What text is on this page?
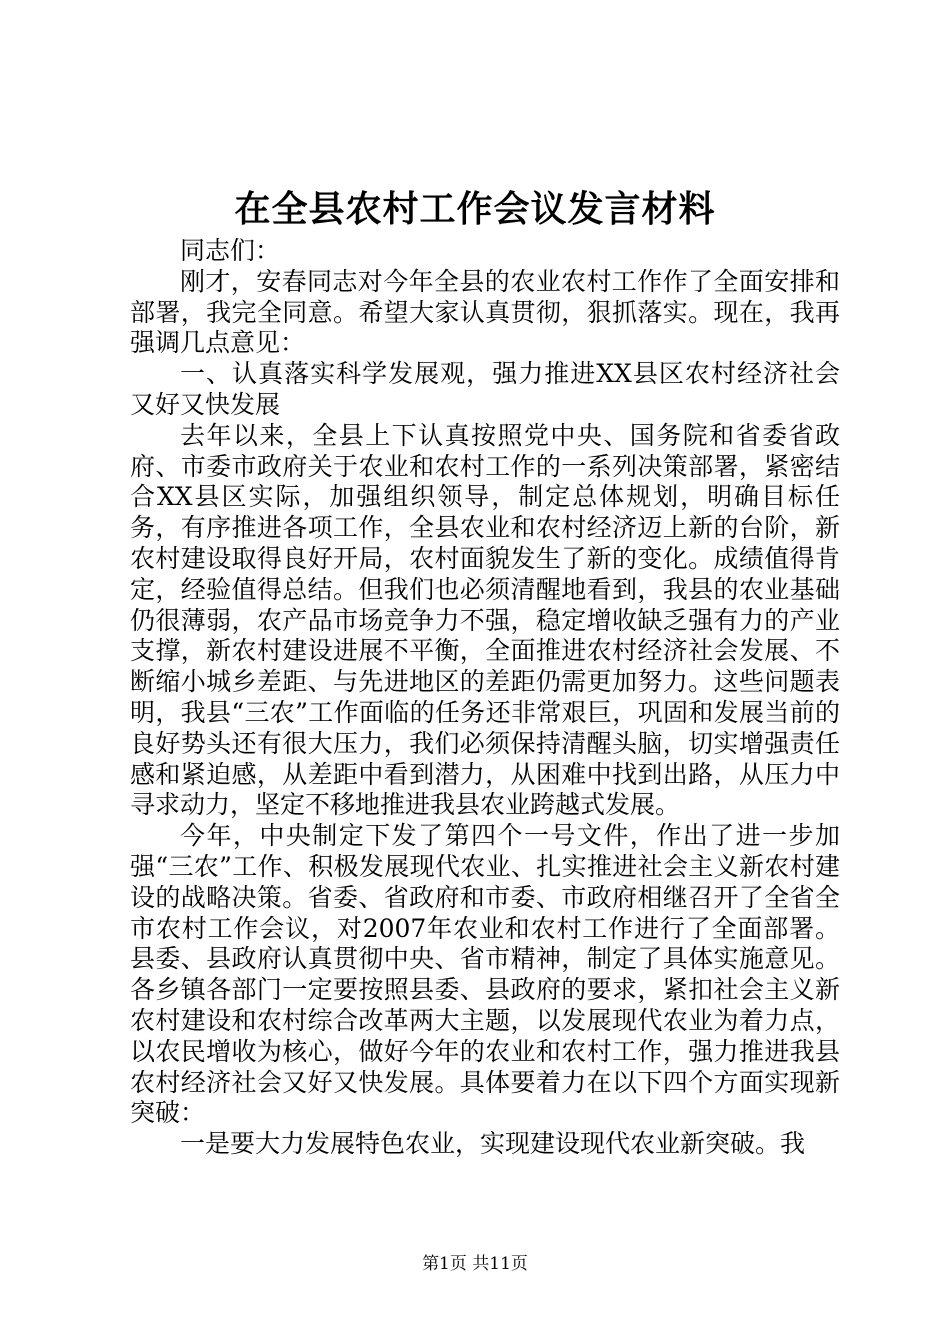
在全县农村工作会议发言材料

同志们：

刚才，安春同志对今年全县的农业农村工作作了全面安排和部署，我完全同意。希望大家认真贯彻，狠抓落实。现在，我再强调几点意见：

一、认真落实科学发展观，强力推进XX县区农村经济社会又好又快发展

去年以来，全县上下认真按照党中央、国务院和省委省政府、市委市政府关于农业和农村工作的一系列决策部署，紧密结合XX县区实际，加强组织领导，制定总体规划，明确目标任务，有序推进各项工作，全县农业和农村经济迈上新的台阶，新农村建设取得良好开局，农村面貌发生了新的变化。成绩值得肯定，经验值得总结。但我们也必须清醒地看到，我县的农业基础仍很薄弱，农产品市场竞争力不强，稳定增收缺乏强有力的产业支撑，新农村建设进展不平衡，全面推进农村经济社会发展、不断缩小城乡差距、与先进地区的差距仍需更加努力。这些问题表明，我县“三农”工作面临的任务还非常艰巨，巩固和发展当前的良好势头还有很大压力，我们必须保持清醒头脑，切实增强责任感和紧迫感，从差距中看到潜力，从困难中找到出路，从压力中寻求动力，坚定不移地推进我县农业跨越式发展。

今年，中央制定下发了第四个一号文件，作出了进一步加强“三农”工作、积极发展现代农业、扎实推进社会主义新农村建设的战略决策。省委、省政府和市委、市政府相继召开了全省全市农村工作会议，对2007年农业和农村工作进行了全面部署。县委、县政府认真贯彻中央、省市精神，制定了具体实施意见。各乡镇各部门一定要按照县委、县政府的要求，紧扣社会主义新农村建设和农村综合改革两大主题，以发展现代农业为着力点，以农民增收为核心，做好今年的农业和农村工作，强力推进我县农村经济社会又好又快发展。具体要着力在以下四个方面实现新突破：

一是要大力发展特色农业，实现建设现代农业新突破。我

第1页 共11页
